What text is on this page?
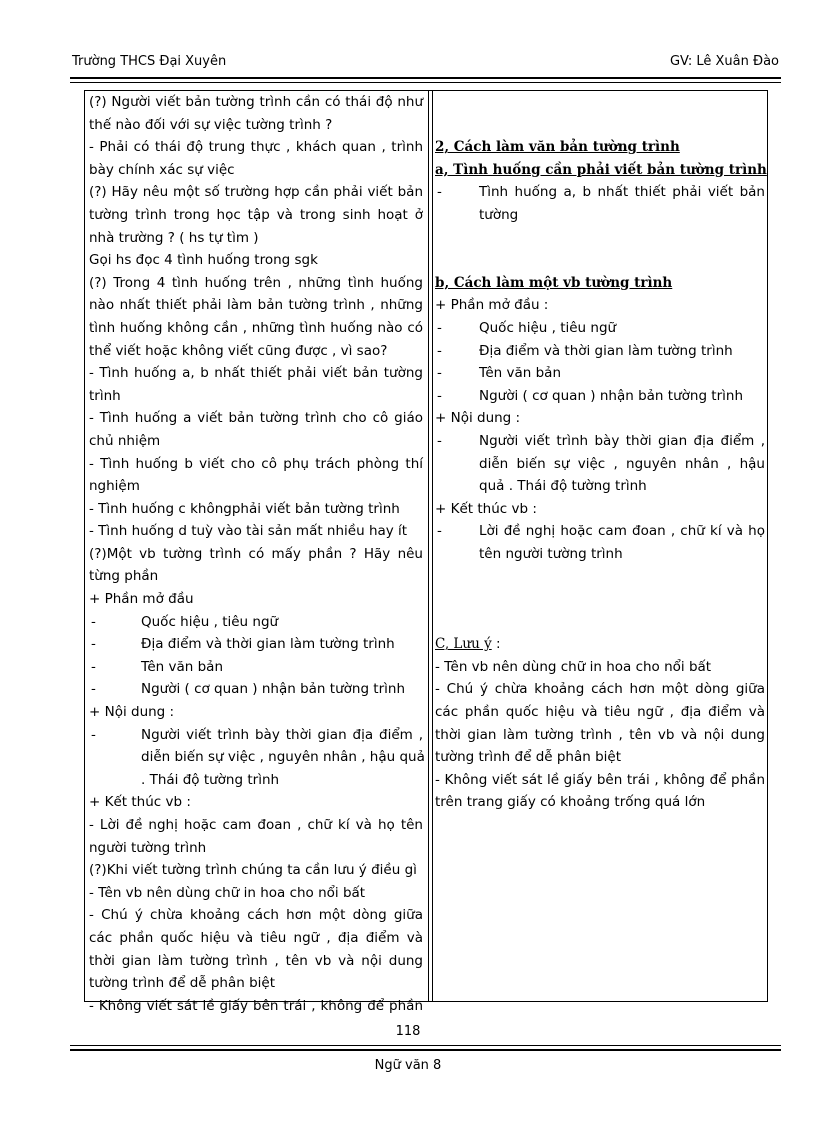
Trường THCS Đại Xuyên	GV: Lê Xuân Đào
(?) Người viết bản tường trình cần có thái độ như
thế nào đối với sự việc tường trình ?
- Phải có thái độ trung thực , khách quan , trình
bày chính xác sự việc
(?) Hãy nêu một số trường hợp cần phải viết bản
tường trình trong học tập và trong sinh hoạt ở
nhà trường ? ( hs tự tìm )
Gọi hs đọc 4 tình huống trong sgk
(?) Trong 4 tình huống trên , những tình huống
nào nhất thiết phải làm bản tường trình , những
tình huống không cần , những tình huống nào có
thể viết hoặc không viết cũng được , vì sao?
- Tình huống a, b nhất thiết phải viết bản tường
trình
- Tình huống a viết bản tường trình cho cô giáo
chủ nhiệm
- Tình huống b viết cho cô phụ trách phòng thí
nghiệm
- Tình huống c khôngphải viết bản tường trình
- Tình huống d tuỳ vào tài sản mất nhiều hay ít
(?)Một vb tường trình có mấy phần ? Hãy nêu
từng phần
+ Phần mở đầu
- Quốc hiệu , tiêu ngữ
- Địa điểm và thời gian làm tường trình
- Tên văn bản
- Người ( cơ quan ) nhận bản tường trình
+ Nội dung :
- Người viết trình bày thời gian địa điểm ,
diễn biến sự việc , nguyên nhân , hậu quả
. Thái độ tường trình
+ Kết thúc vb :
- Lời đề nghị hoặc cam đoan , chữ kí và họ tên
người tường trình
(?)Khi viết tường trình chúng ta cần lưu ý điều gì
- Tên vb nên dùng chữ in hoa cho nổi bất
- Chú ý chừa khoảng cách hơn một dòng giữa
các phần quốc hiệu và tiêu ngữ , địa điểm và
thời gian làm tường trình , tên vb và nội dung
tường trình để dễ phân biệt
- Không viết sát lề giấy bên trái , không để phần
2, Cách làm văn bản tường trình
a, Tình huống cần phải viết bản tường trình
- Tình huống a, b nhất thiết phải viết bản
tường
b, Cách làm một vb tường trình
+ Phần mở đầu :
- Quốc hiệu , tiêu ngữ
- Địa điểm và thời gian làm tường trình
- Tên văn bản
- Người ( cơ quan ) nhận bản tường trình
+ Nội dung :
- Người viết trình bày thời gian địa điểm ,
diễn biến sự việc , nguyên nhân , hậu
quả . Thái độ tường trình
+ Kết thúc vb :
- Lời đề nghị hoặc cam đoan , chữ kí và họ
tên người tường trình
C, Lưu ý :
- Tên vb nên dùng chữ in hoa cho nổi bất
- Chú ý chừa khoảng cách hơn một dòng giữa
các phần quốc hiệu và tiêu ngữ , địa điểm và
thời gian làm tường trình , tên vb và nội dung
tường trình để dễ phân biệt
- Không viết sát lề giấy bên trái , không để phần
trên trang giấy có khoảng trống quá lớn
118
Ngữ văn 8
